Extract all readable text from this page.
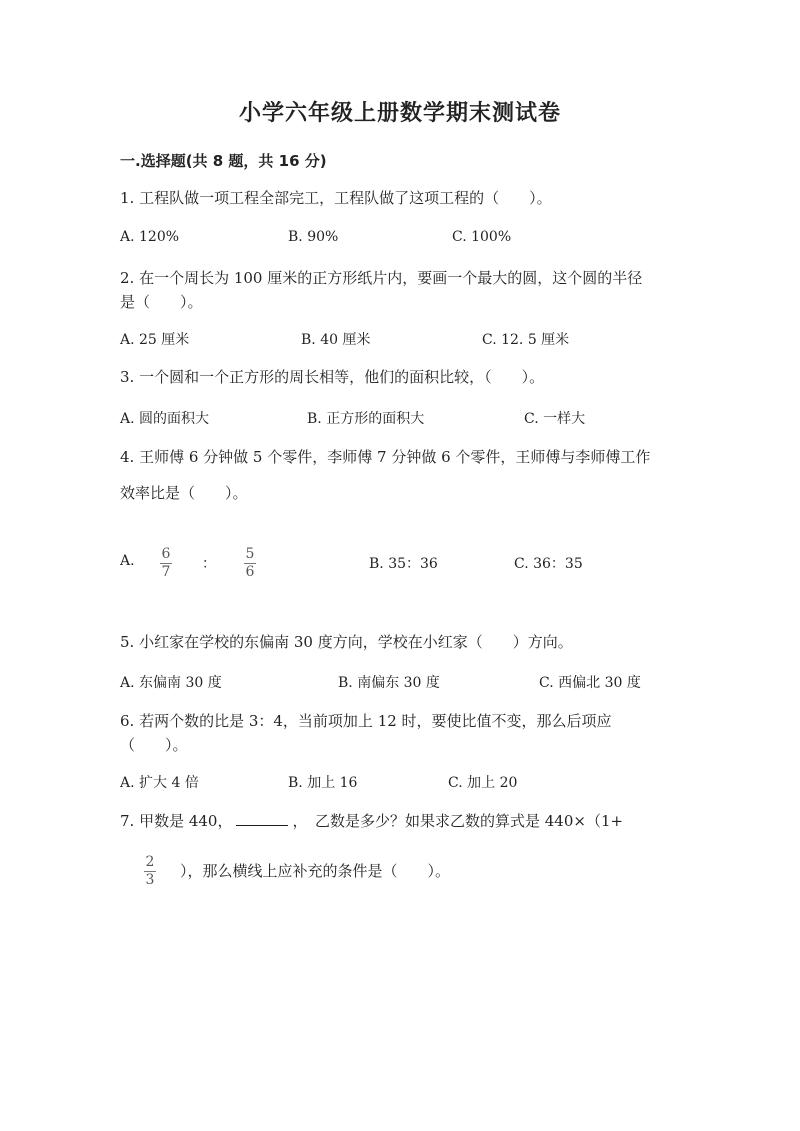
小学六年级上册数学期末测试卷
一.选择题(共 8 题，共 16 分)
1. 工程队做一项工程全部完工，工程队做了这项工程的（　　）。
A. 120%	B. 90%	C. 100%
2. 在一个周长为 100 厘米的正方形纸片内，要画一个最大的圆，这个圆的半径
是（　　）。
A. 25 厘米	B. 40 厘米	C. 12. 5 厘米
3. 一个圆和一个正方形的周长相等，他们的面积比较，（　　）。
A. 圆的面积大	B. 正方形的面积大	C. 一样大
4. 王师傅 6 分钟做 5 个零件，李师傅 7 分钟做 6 个零件，王师傅与李师傅工作
效率比是（　　）。
A. 6
7 ：
5
6	B. 35：36	C. 36：35
5. 小红家在学校的东偏南 30 度方向，学校在小红家（　　）方向。
A. 东偏南 30 度	B. 南偏东 30 度	C. 西偏北 30 度
6. 若两个数的比是 3：4，当前项加上 12 时，要使比值不变，那么后项应
（　　）。
A. 扩大 4 倍	B. 加上 16	C. 加上 20
7. 甲数是 440，	，　乙数是多少？如果求乙数的算式是 440×（1+
2
3 ），那么横线上应补充的条件是（　　）。
